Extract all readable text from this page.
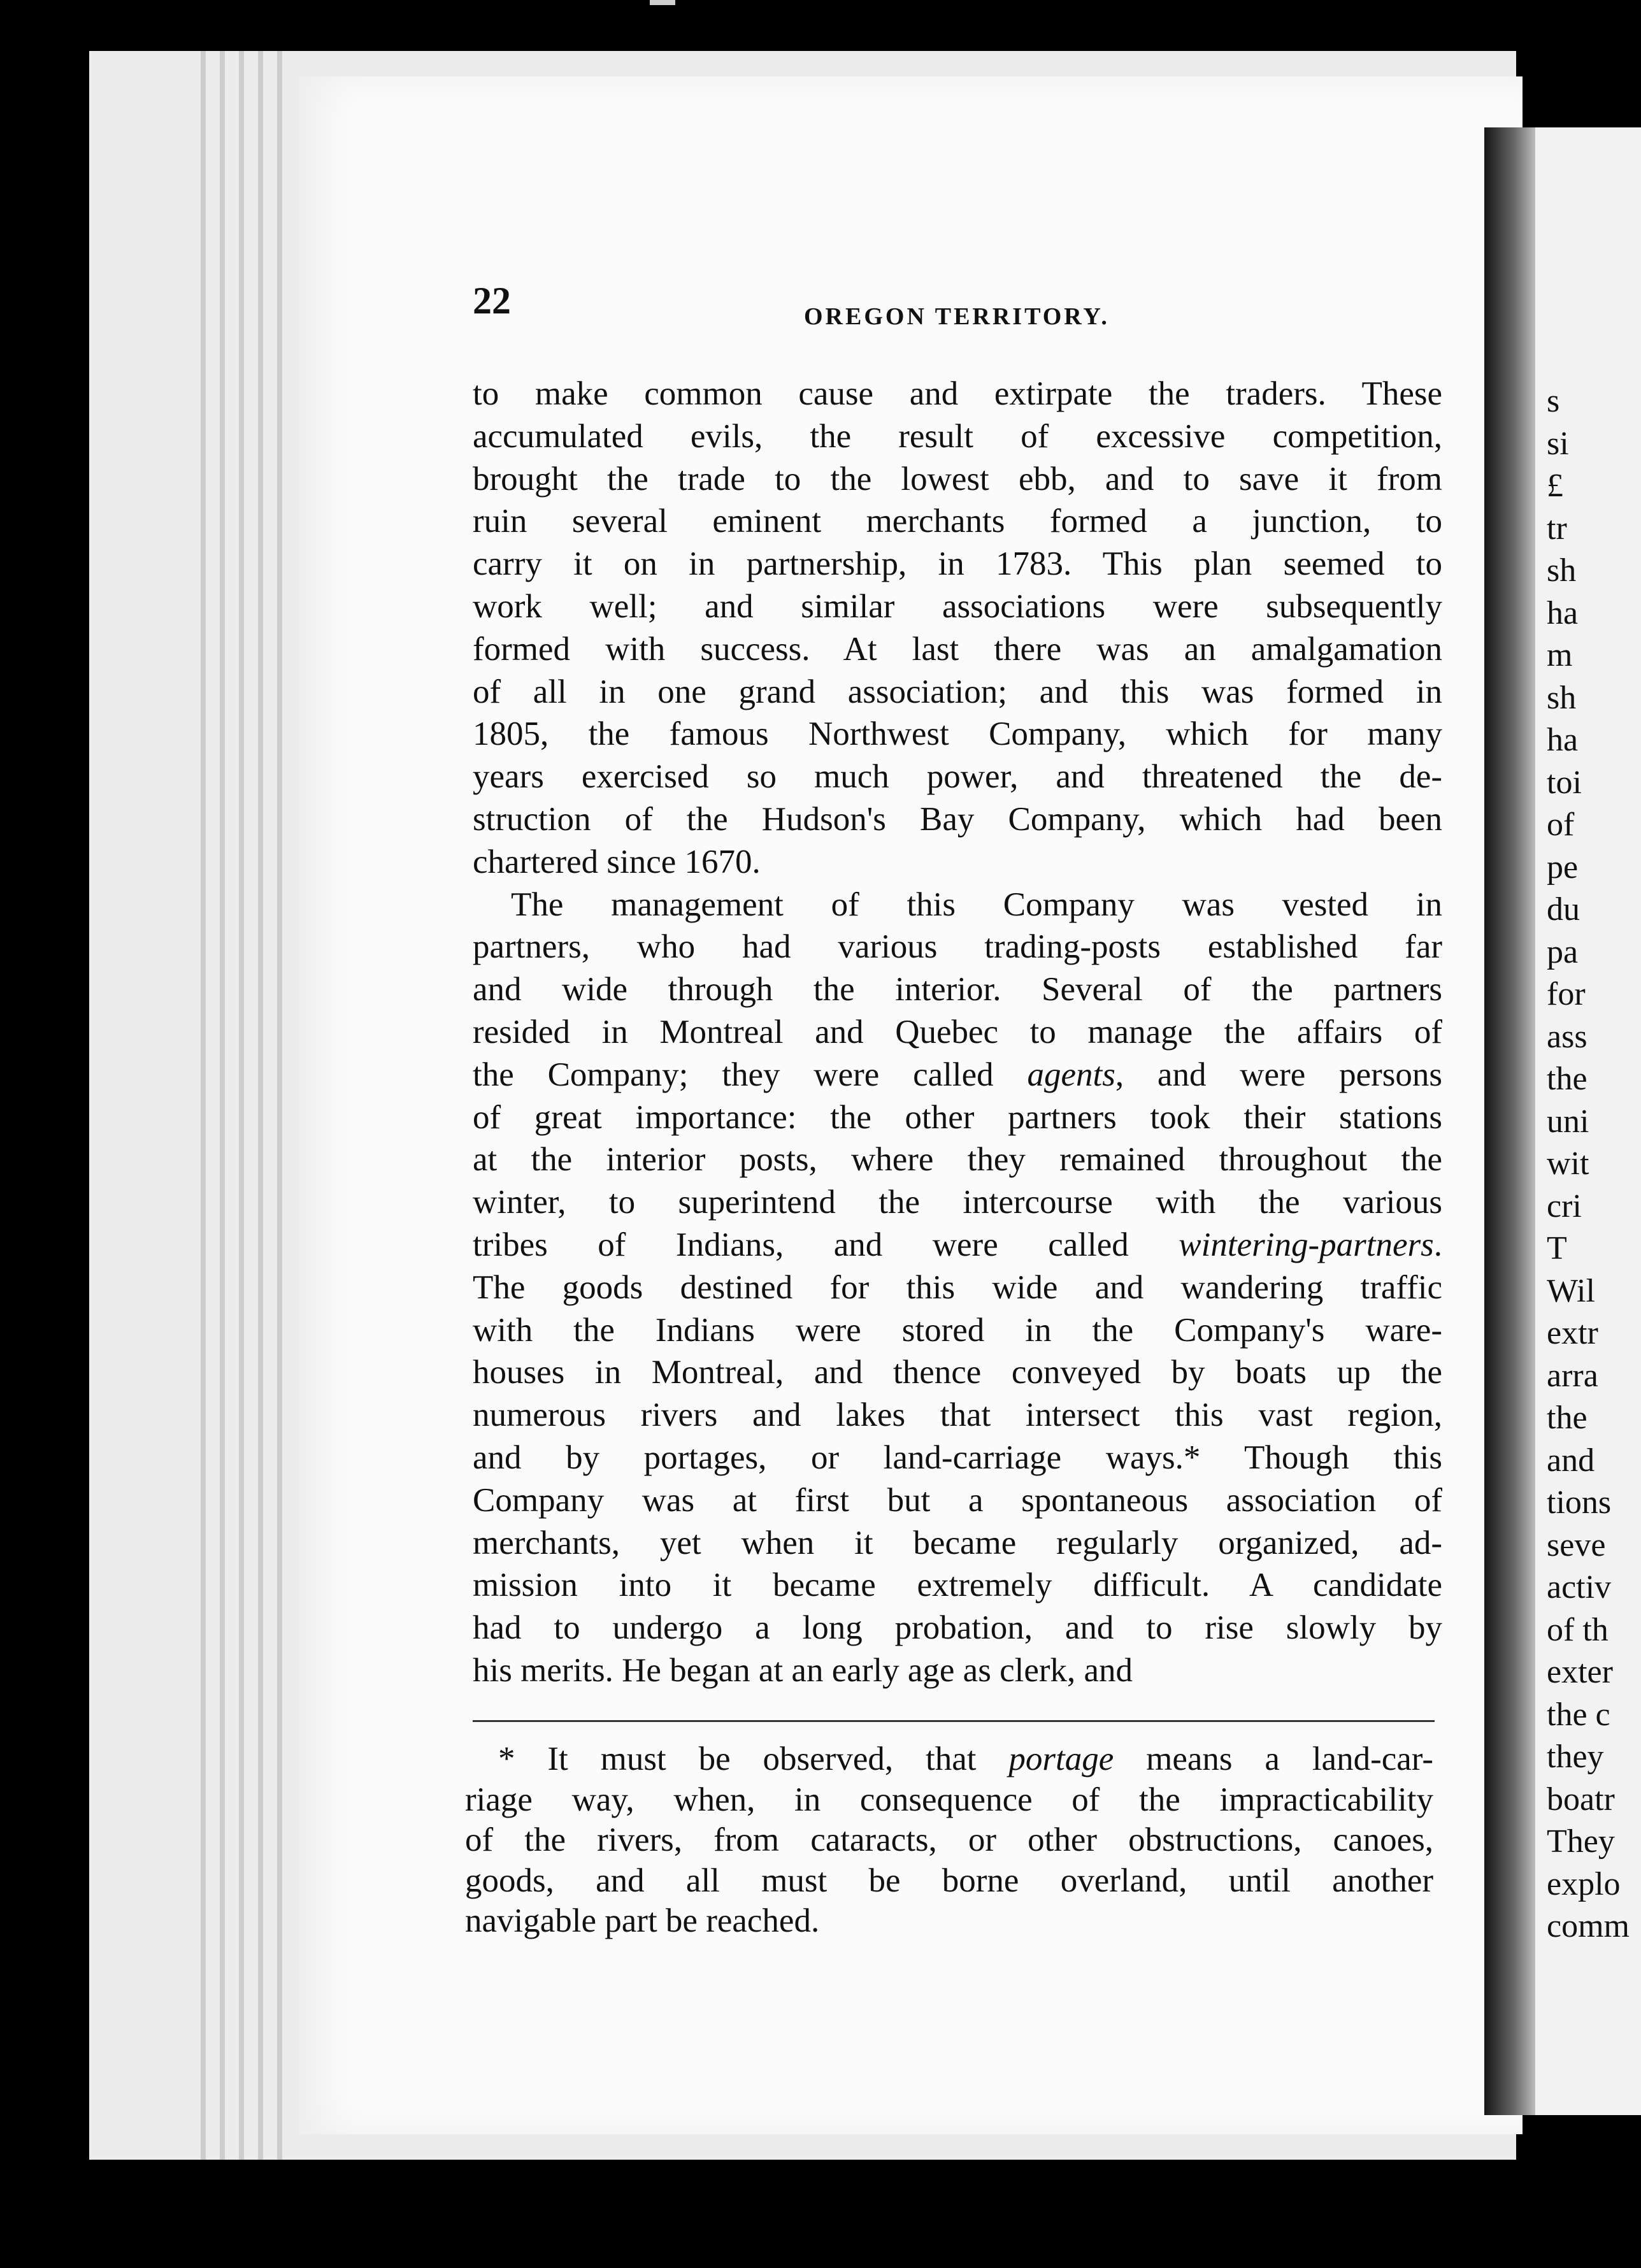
s
si
£
tr
sh
ha
m
sh
ha
toi
of
pe
du
pa
for
ass
the
uni
wit
cri
T
Wil
extr
arra
the
and
tions
seve
activ
of th
exter
the c
they
boatr
They
explo
comm
22	OREGON TERRITORY.
to make common cause and extirpate the traders. These
accumulated evils, the result of excessive competition,
brought the trade to the lowest ebb, and to save it from
ruin several eminent merchants formed a junction, to
carry it on in partnership, in 1783. This plan seemed to
work well; and similar associations were subsequently
formed with success. At last there was an amalgamation
of all in one grand association; and this was formed in
1805, the famous Northwest Company, which for many
years exercised so much power, and threatened the de-
struction of the Hudson's Bay Company, which had been
chartered since 1670.
The management of this Company was vested in
partners, who had various trading-posts established far
and wide through the interior. Several of the partners
resided in Montreal and Quebec to manage the affairs of
the Company; they were called agents, and were persons
of great importance: the other partners took their stations
at the interior posts, where they remained throughout the
winter, to superintend the intercourse with the various
tribes of Indians, and were called wintering-partners.
The goods destined for this wide and wandering traffic
with the Indians were stored in the Company's ware-
houses in Montreal, and thence conveyed by boats up the
numerous rivers and lakes that intersect this vast region,
and by portages, or land-carriage ways.* Though this
Company was at first but a spontaneous association of
merchants, yet when it became regularly organized, ad-
mission into it became extremely difficult. A candidate
had to undergo a long probation, and to rise slowly by
his merits. He began at an early age as clerk, and
* It must be observed, that portage means a land-car-
riage way, when, in consequence of the impracticability
of the rivers, from cataracts, or other obstructions, canoes,
goods, and all must be borne overland, until another
navigable part be reached.
